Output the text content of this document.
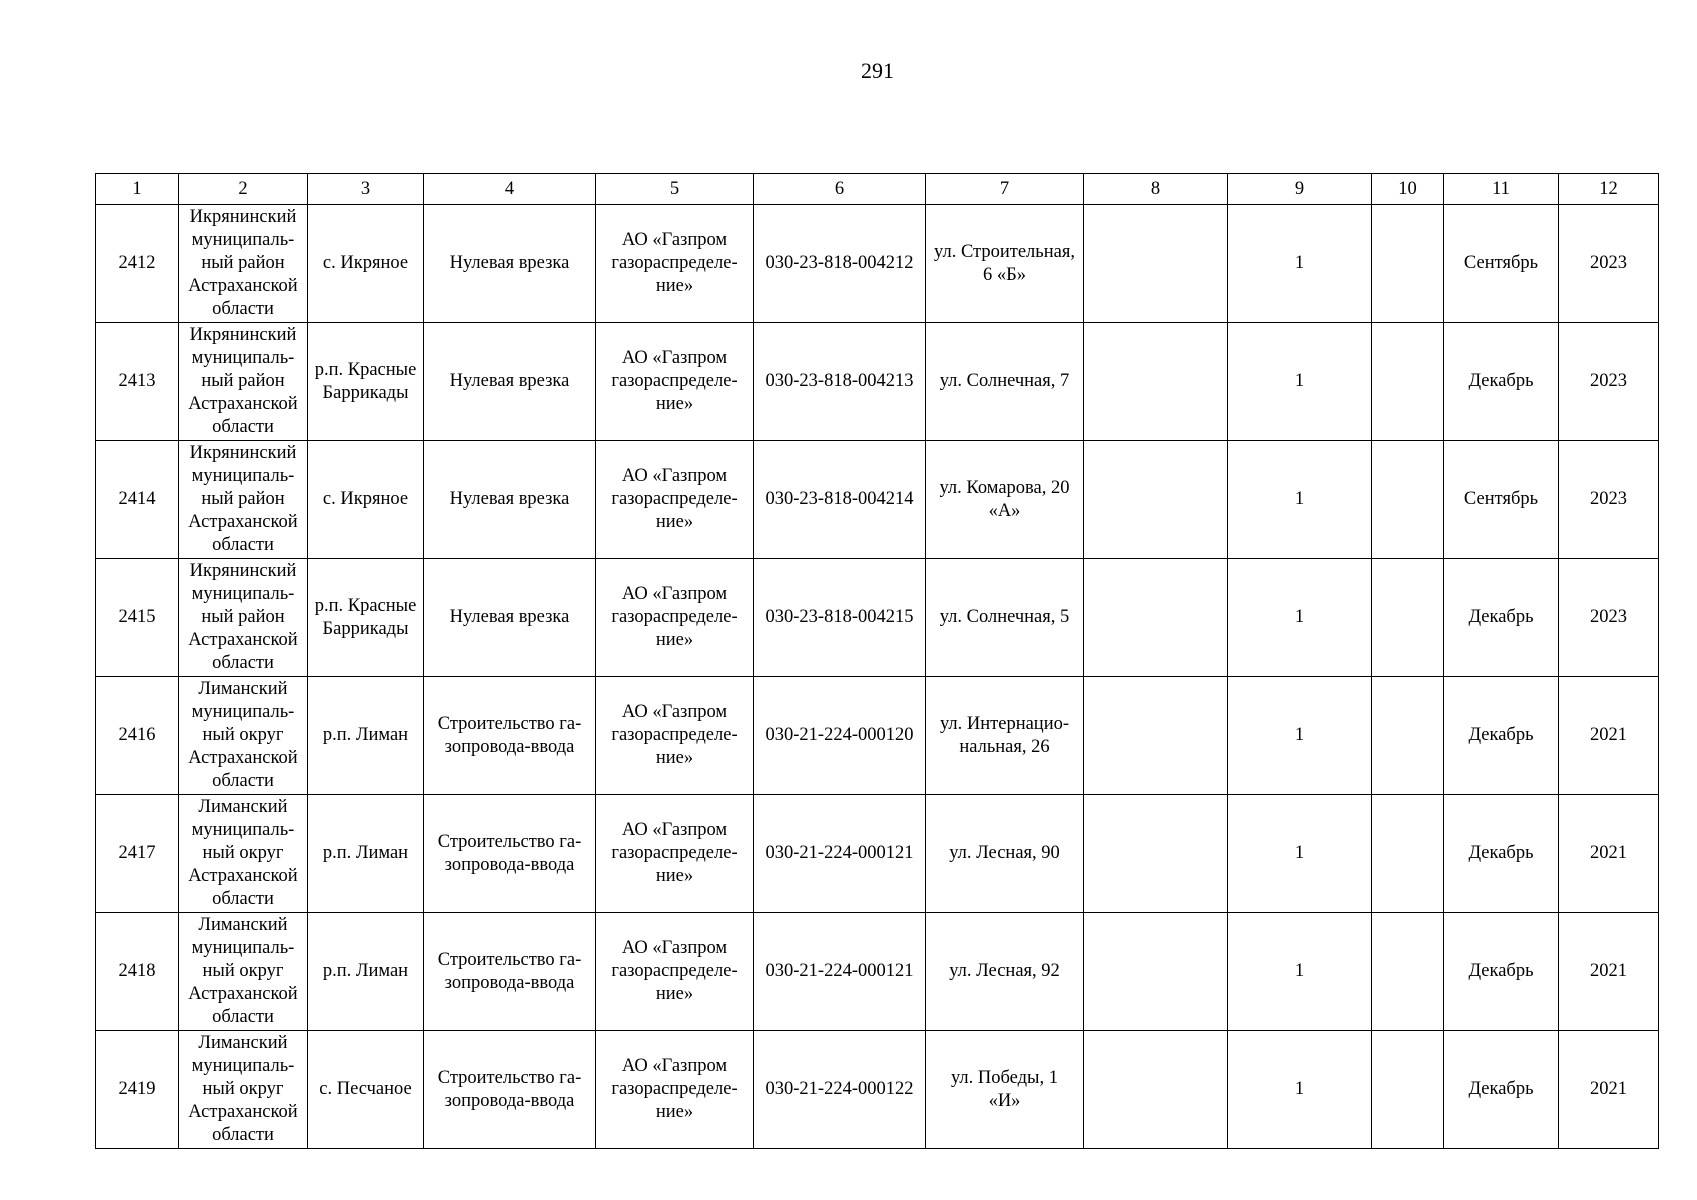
291
1	2	3	4	5	6	7	8	9	10	11	12
2412	Икрянинский
муниципаль-
ный район
Астраханской
области	с. Икряное	Нулевая врезка	АО «Газпром
газораспределе-
ние»	030-23-818-004212	ул. Строительная,
6 «Б»		1		Сентябрь	2023
2413	Икрянинский
муниципаль-
ный район
Астраханской
области	р.п. Красные
Баррикады	Нулевая врезка	АО «Газпром
газораспределе-
ние»	030-23-818-004213	ул. Солнечная, 7		1		Декабрь	2023
2414	Икрянинский
муниципаль-
ный район
Астраханской
области	с. Икряное	Нулевая врезка	АО «Газпром
газораспределе-
ние»	030-23-818-004214	ул. Комарова, 20
«А»		1		Сентябрь	2023
2415	Икрянинский
муниципаль-
ный район
Астраханской
области	р.п. Красные
Баррикады	Нулевая врезка	АО «Газпром
газораспределе-
ние»	030-23-818-004215	ул. Солнечная, 5		1		Декабрь	2023
2416	Лиманский
муниципаль-
ный округ
Астраханской
области	р.п. Лиман	Строительство га-
зопровода-ввода	АО «Газпром
газораспределе-
ние»	030-21-224-000120	ул. Интернацио-
нальная, 26		1		Декабрь	2021
2417	Лиманский
муниципаль-
ный округ
Астраханской
области	р.п. Лиман	Строительство га-
зопровода-ввода	АО «Газпром
газораспределе-
ние»	030-21-224-000121	ул. Лесная, 90		1		Декабрь	2021
2418	Лиманский
муниципаль-
ный округ
Астраханской
области	р.п. Лиман	Строительство га-
зопровода-ввода	АО «Газпром
газораспределе-
ние»	030-21-224-000121	ул. Лесная, 92		1		Декабрь	2021
2419	Лиманский
муниципаль-
ный округ
Астраханской
области	с. Песчаное	Строительство га-
зопровода-ввода	АО «Газпром
газораспределе-
ние»	030-21-224-000122	ул. Победы, 1
«И»		1		Декабрь	2021
